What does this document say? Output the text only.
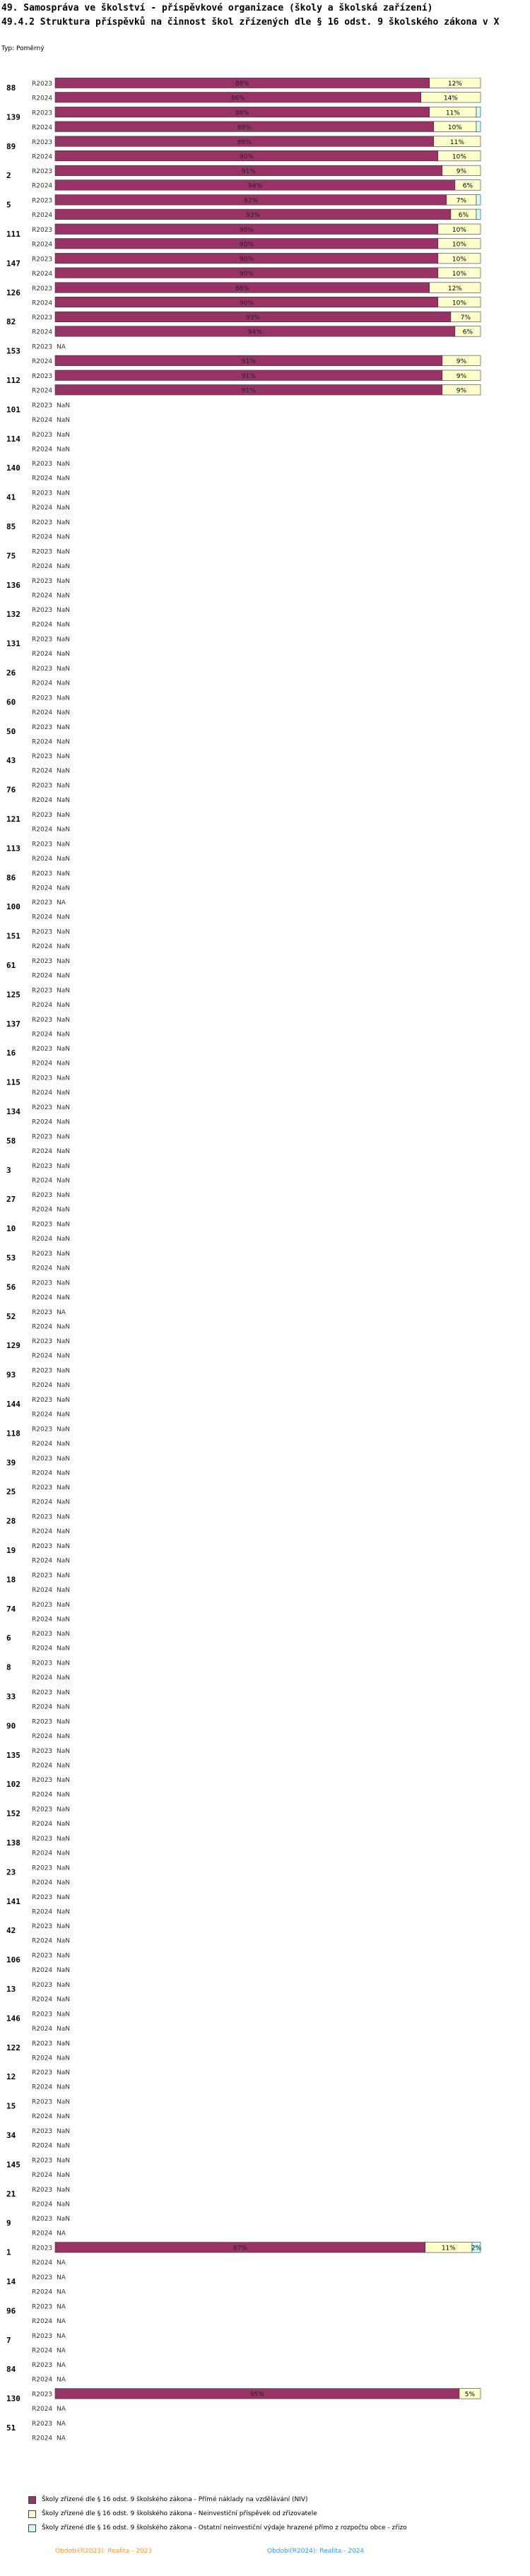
49. Samospráva ve školství - příspěvkové organizace (školy a školská zařízení)
49.4.2 Struktura příspěvků na činnost škol zřízených dle § 16 odst. 9 školského zákona v X
Typ: Poměrný
88	R2023	88%	12%
R2024	86%	14%
139 R2023	88%	11%
R2024	89%	10%
89	R2023	89%	11%
R2024	90%	10%
2	R2023	91%	9%
R2024	94%	6%
5	R2023	92%	7%
R2024	93%	6%
111 R2023	90%	10%
R2024	90%	10%
147 R2023	90%	10%
R2024	90%	10%
126 R2023	88%	12%
R2024	90%	10%
82	R2023	93%	7%
R2024	94%	6%
153 R2023 NA
R2024	91%	9%
112 R2023	91%	9%
R2024	91%	9%
101 R2023 NaN
R2024 NaN
114 R2023 NaN
R2024 NaN
140 R2023 NaN
R2024 NaN
41	R2023 NaN
R2024 NaN
85	R2023 NaN
R2024 NaN
75	R2023 NaN
R2024 NaN
136 R2023 NaN
R2024 NaN
132 R2023 NaN
R2024 NaN
131 R2023 NaN
R2024 NaN
26	R2023 NaN
R2024 NaN
60	R2023 NaN
R2024 NaN
50	R2023 NaN
R2024 NaN
43	R2023 NaN
R2024 NaN
76	R2023 NaN
R2024 NaN
121 R2023 NaN
R2024 NaN
113 R2023 NaN
R2024 NaN
86	R2023 NaN
R2024 NaN
100 R2023 NA
R2024 NaN
151 R2023 NaN
R2024 NaN
61	R2023 NaN
R2024 NaN
125 R2023 NaN
R2024 NaN
137 R2023 NaN
R2024 NaN
16	R2023 NaN
R2024 NaN
115 R2023 NaN
R2024 NaN
134 R2023 NaN
R2024 NaN
58	R2023 NaN
R2024 NaN
3	R2023 NaN
R2024 NaN
27	R2023 NaN
R2024 NaN
10	R2023 NaN
R2024 NaN
53	R2023 NaN
R2024 NaN
56	R2023 NaN
R2024 NaN
52	R2023 NA
R2024 NaN
129 R2023 NaN
R2024 NaN
93	R2023 NaN
R2024 NaN
144 R2023 NaN
R2024 NaN
118 R2023 NaN
R2024 NaN
39	R2023 NaN
R2024 NaN
25	R2023 NaN
R2024 NaN
28	R2023 NaN
R2024 NaN
19	R2023 NaN
R2024 NaN
18	R2023 NaN
R2024 NaN
74	R2023 NaN
R2024 NaN
6	R2023 NaN
R2024 NaN
8	R2023 NaN
R2024 NaN
33	R2023 NaN
R2024 NaN
90	R2023 NaN
R2024 NaN
135 R2023 NaN
R2024 NaN
102 R2023 NaN
R2024 NaN
152 R2023 NaN
R2024 NaN
138 R2023 NaN
R2024 NaN
23	R2023 NaN
R2024 NaN
141 R2023 NaN
R2024 NaN
42	R2023 NaN
R2024 NaN
106 R2023 NaN
R2024 NaN
13	R2023 NaN
R2024 NaN
146 R2023 NaN
R2024 NaN
122 R2023 NaN
R2024 NaN
12	R2023 NaN
R2024 NaN
15	R2023 NaN
R2024 NaN
34	R2023 NaN
R2024 NaN
145 R2023 NaN
R2024 NaN
21	R2023 NaN
R2024 NaN
9	R2023 NaN
R2024 NA
1	R2023	87%	11% 2%
R2024 NA
14	R2023 NA
R2024 NA
96	R2023 NA
R2024 NA
7	R2023 NA
R2024 NA
84	R2023 NA
R2024 NA
130 R2023	95%	5%
R2024 NA
51	R2023 NA
R2024 NA
Školy zřízené dle § 16 odst. 9 školského zákona - Přímé náklady na vzdělávání (NIV)
Školy zřízené dle § 16 odst. 9 školského zákona - Neinvestiční příspěvek od zřizovatele
Školy zřízené dle § 16 odst. 9 školského zákona - Ostatní neinvestiční výdaje hrazené přímo z rozpočtu obce - zřizo
Obdobi(R2023): Realita - 2023	Obdobi(R2024): Realita - 2024
